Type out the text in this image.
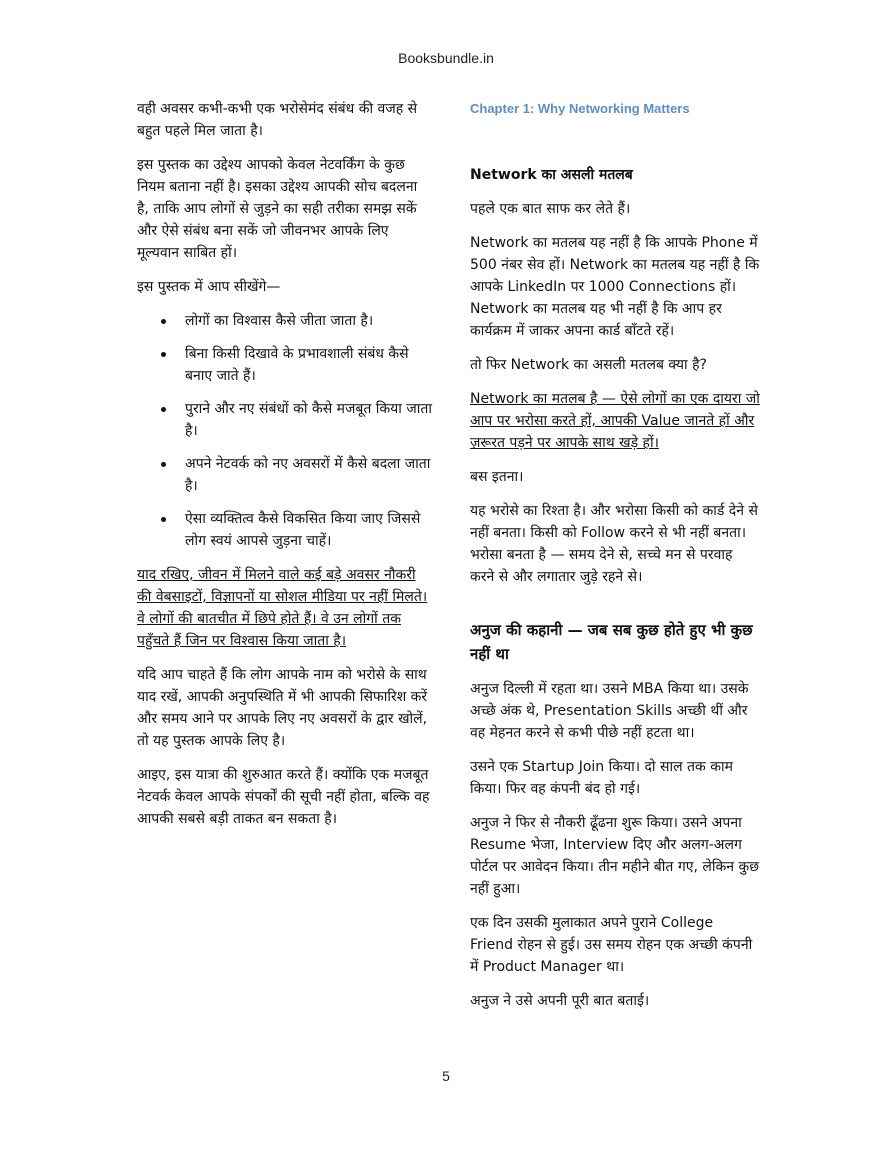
Booksbundle.in

वही अवसर कभी-कभी एक भरोसेमंद संबंध की वजह से बहुत पहले मिल जाता है।

इस पुस्तक का उद्देश्य आपको केवल नेटवर्किंग के कुछ नियम बताना नहीं है। इसका उद्देश्य आपकी सोच बदलना है, ताकि आप लोगों से जुड़ने का सही तरीका समझ सकें और ऐसे संबंध बना सकें जो जीवनभर आपके लिए मूल्यवान साबित हों।

इस पुस्तक में आप सीखेंगे—

लोगों का विश्वास कैसे जीता जाता है।
बिना किसी दिखावे के प्रभावशाली संबंध कैसे बनाए जाते हैं।
पुराने और नए संबंधों को कैसे मजबूत किया जाता है।
अपने नेटवर्क को नए अवसरों में कैसे बदला जाता है।
ऐसा व्यक्तित्व कैसे विकसित किया जाए जिससे लोग स्वयं आपसे जुड़ना चाहें।

याद रखिए, जीवन में मिलने वाले कई बड़े अवसर नौकरी की वेबसाइटों, विज्ञापनों या सोशल मीडिया पर नहीं मिलते। वे लोगों की बातचीत में छिपे होते हैं। वे उन लोगों तक पहुँचते हैं जिन पर विश्वास किया जाता है।

यदि आप चाहते हैं कि लोग आपके नाम को भरोसे के साथ याद रखें, आपकी अनुपस्थिति में भी आपकी सिफारिश करें और समय आने पर आपके लिए नए अवसरों के द्वार खोलें, तो यह पुस्तक आपके लिए है।

आइए, इस यात्रा की शुरुआत करते हैं। क्योंकि एक मजबूत नेटवर्क केवल आपके संपर्कों की सूची नहीं होता, बल्कि वह आपकी सबसे बड़ी ताकत बन सकता है।

Chapter 1: Why Networking Matters
Network का असली मतलब

पहले एक बात साफ कर लेते हैं।

Network का मतलब यह नहीं है कि आपके Phone में 500 नंबर सेव हों। Network का मतलब यह नहीं है कि आपके LinkedIn पर 1000 Connections हों। Network का मतलब यह भी नहीं है कि आप हर कार्यक्रम में जाकर अपना कार्ड बाँटते रहें।

तो फिर Network का असली मतलब क्या है?

Network का मतलब है — ऐसे लोगों का एक दायरा जो आप पर भरोसा करते हों, आपकी Value जानते हों और ज़रूरत पड़ने पर आपके साथ खड़े हों।

बस इतना।

यह भरोसे का रिश्ता है। और भरोसा किसी को कार्ड देने से नहीं बनता। किसी को Follow करने से भी नहीं बनता। भरोसा बनता है — समय देने से, सच्चे मन से परवाह करने से और लगातार जुड़े रहने से।

अनुज की कहानी — जब सब कुछ होते हुए भी कुछ नहीं था

अनुज दिल्ली में रहता था। उसने MBA किया था। उसके अच्छे अंक थे, Presentation Skills अच्छी थीं और वह मेहनत करने से कभी पीछे नहीं हटता था।

उसने एक Startup Join किया। दो साल तक काम किया। फिर वह कंपनी बंद हो गई।

अनुज ने फिर से नौकरी ढूँढना शुरू किया। उसने अपना Resume भेजा, Interview दिए और अलग-अलग पोर्टल पर आवेदन किया। तीन महीने बीत गए, लेकिन कुछ नहीं हुआ।

एक दिन उसकी मुलाकात अपने पुराने College Friend रोहन से हुई। उस समय रोहन एक अच्छी कंपनी में Product Manager था।

अनुज ने उसे अपनी पूरी बात बताई।

5
